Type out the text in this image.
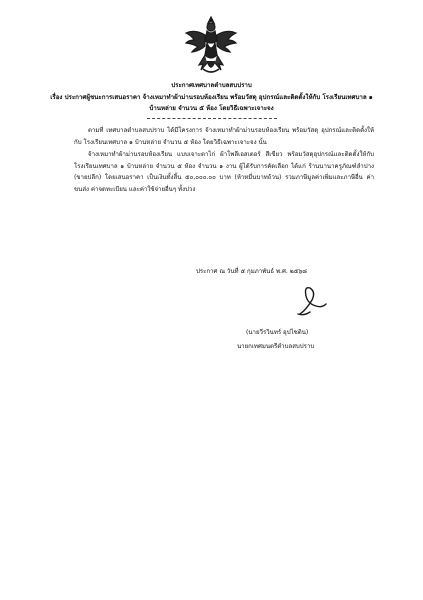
ประกาศเทศบาลตำบลสบปราบ
เรื่อง ประกาศผู้ชนะการเสนอราคา จ้างเหมาทำผ้าม่านรอบห้องเรียน พร้อมวัสดุ อุปกรณ์และติดตั้งให้กับ โรงเรียนเทศบาล ๑ บ้านหล่าย จำนวน ๕ ห้อง โดยวิธีเฉพาะเจาะจง

ตามที่ เทศบาลตำบลสบปราบ ได้มีโครงการ จ้างเหมาทำผ้าม่านรอบห้องเรียน พร้อมวัสดุ อุปกรณ์และติดตั้งให้กับ โรงเรียนเทศบาล ๑ บ้านหล่าย จำนวน ๕ ห้อง โดยวิธีเฉพาะเจาะจง นั้น

จ้างเหมาทำผ้าม่านรอบห้องเรียน แบบเจาะตาไก่ ผ้าโพลีเอสเตอร์ สีเขียว พร้อมวัสดุอุปกรณ์และติดตั้งให้กับ โรงเรียนเทศบาล ๑ บ้านหล่าย จำนวน ๕ ห้อง จำนวน ๑ งาน ผู้ได้รับการคัดเลือก ได้แก่ ร้านนานาครูภัณฑ์ลำปาง (ขายปลีก) โดยเสนอราคา เป็นเงินทั้งสิ้น ๕๐,๐๐๐.๐๐ บาท (ห้าหมื่นบาทถ้วน) รวมภาษีมูลค่าเพิ่มและภาษีอื่น ค่าขนส่ง ค่าจดทะเบียน และค่าใช้จ่ายอื่นๆ ทั้งปวง

ประกาศ ณ วันที่ ๕ กุมภาพันธ์ พ.ศ. ๒๕๖๘
(นายวีรวินทร์ อุปไชติน)
นายกเทศมนตรีตำบลสบปราบ
